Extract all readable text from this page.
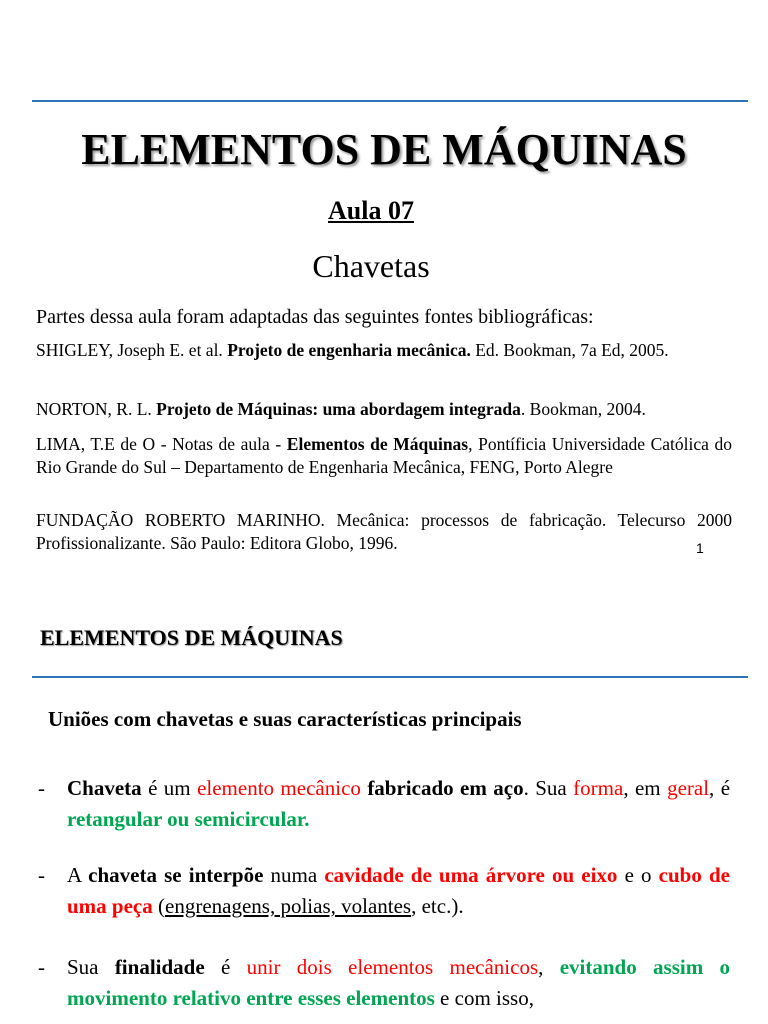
ELEMENTOS DE MÁQUINAS
Aula 07
Chavetas
Partes dessa aula foram adaptadas das seguintes fontes bibliográficas:
SHIGLEY, Joseph E. et al. Projeto de engenharia mecânica. Ed. Bookman, 7a Ed, 2005.
NORTON, R. L. Projeto de Máquinas: uma abordagem integrada. Bookman, 2004.
LIMA, T.E de O - Notas de aula - Elementos de Máquinas, Pontíficia Universidade Católica do Rio Grande do Sul – Departamento de Engenharia Mecânica, FENG, Porto Alegre
FUNDAÇÃO ROBERTO MARINHO. Mecânica: processos de fabricação. Telecurso 2000 Profissionalizante. São Paulo: Editora Globo, 1996.	1
ELEMENTOS DE MÁQUINAS
Uniões com chavetas e suas características principais
- Chaveta é um elemento mecânico fabricado em aço. Sua forma, em geral, é retangular ou semicircular.
- A chaveta se interpõe numa cavidade de uma árvore ou eixo e o cubo de uma peça (engrenagens, polias, volantes, etc.).
- Sua finalidade é unir dois elementos mecânicos, evitando assim o movimento relativo entre esses elementos e com isso,
